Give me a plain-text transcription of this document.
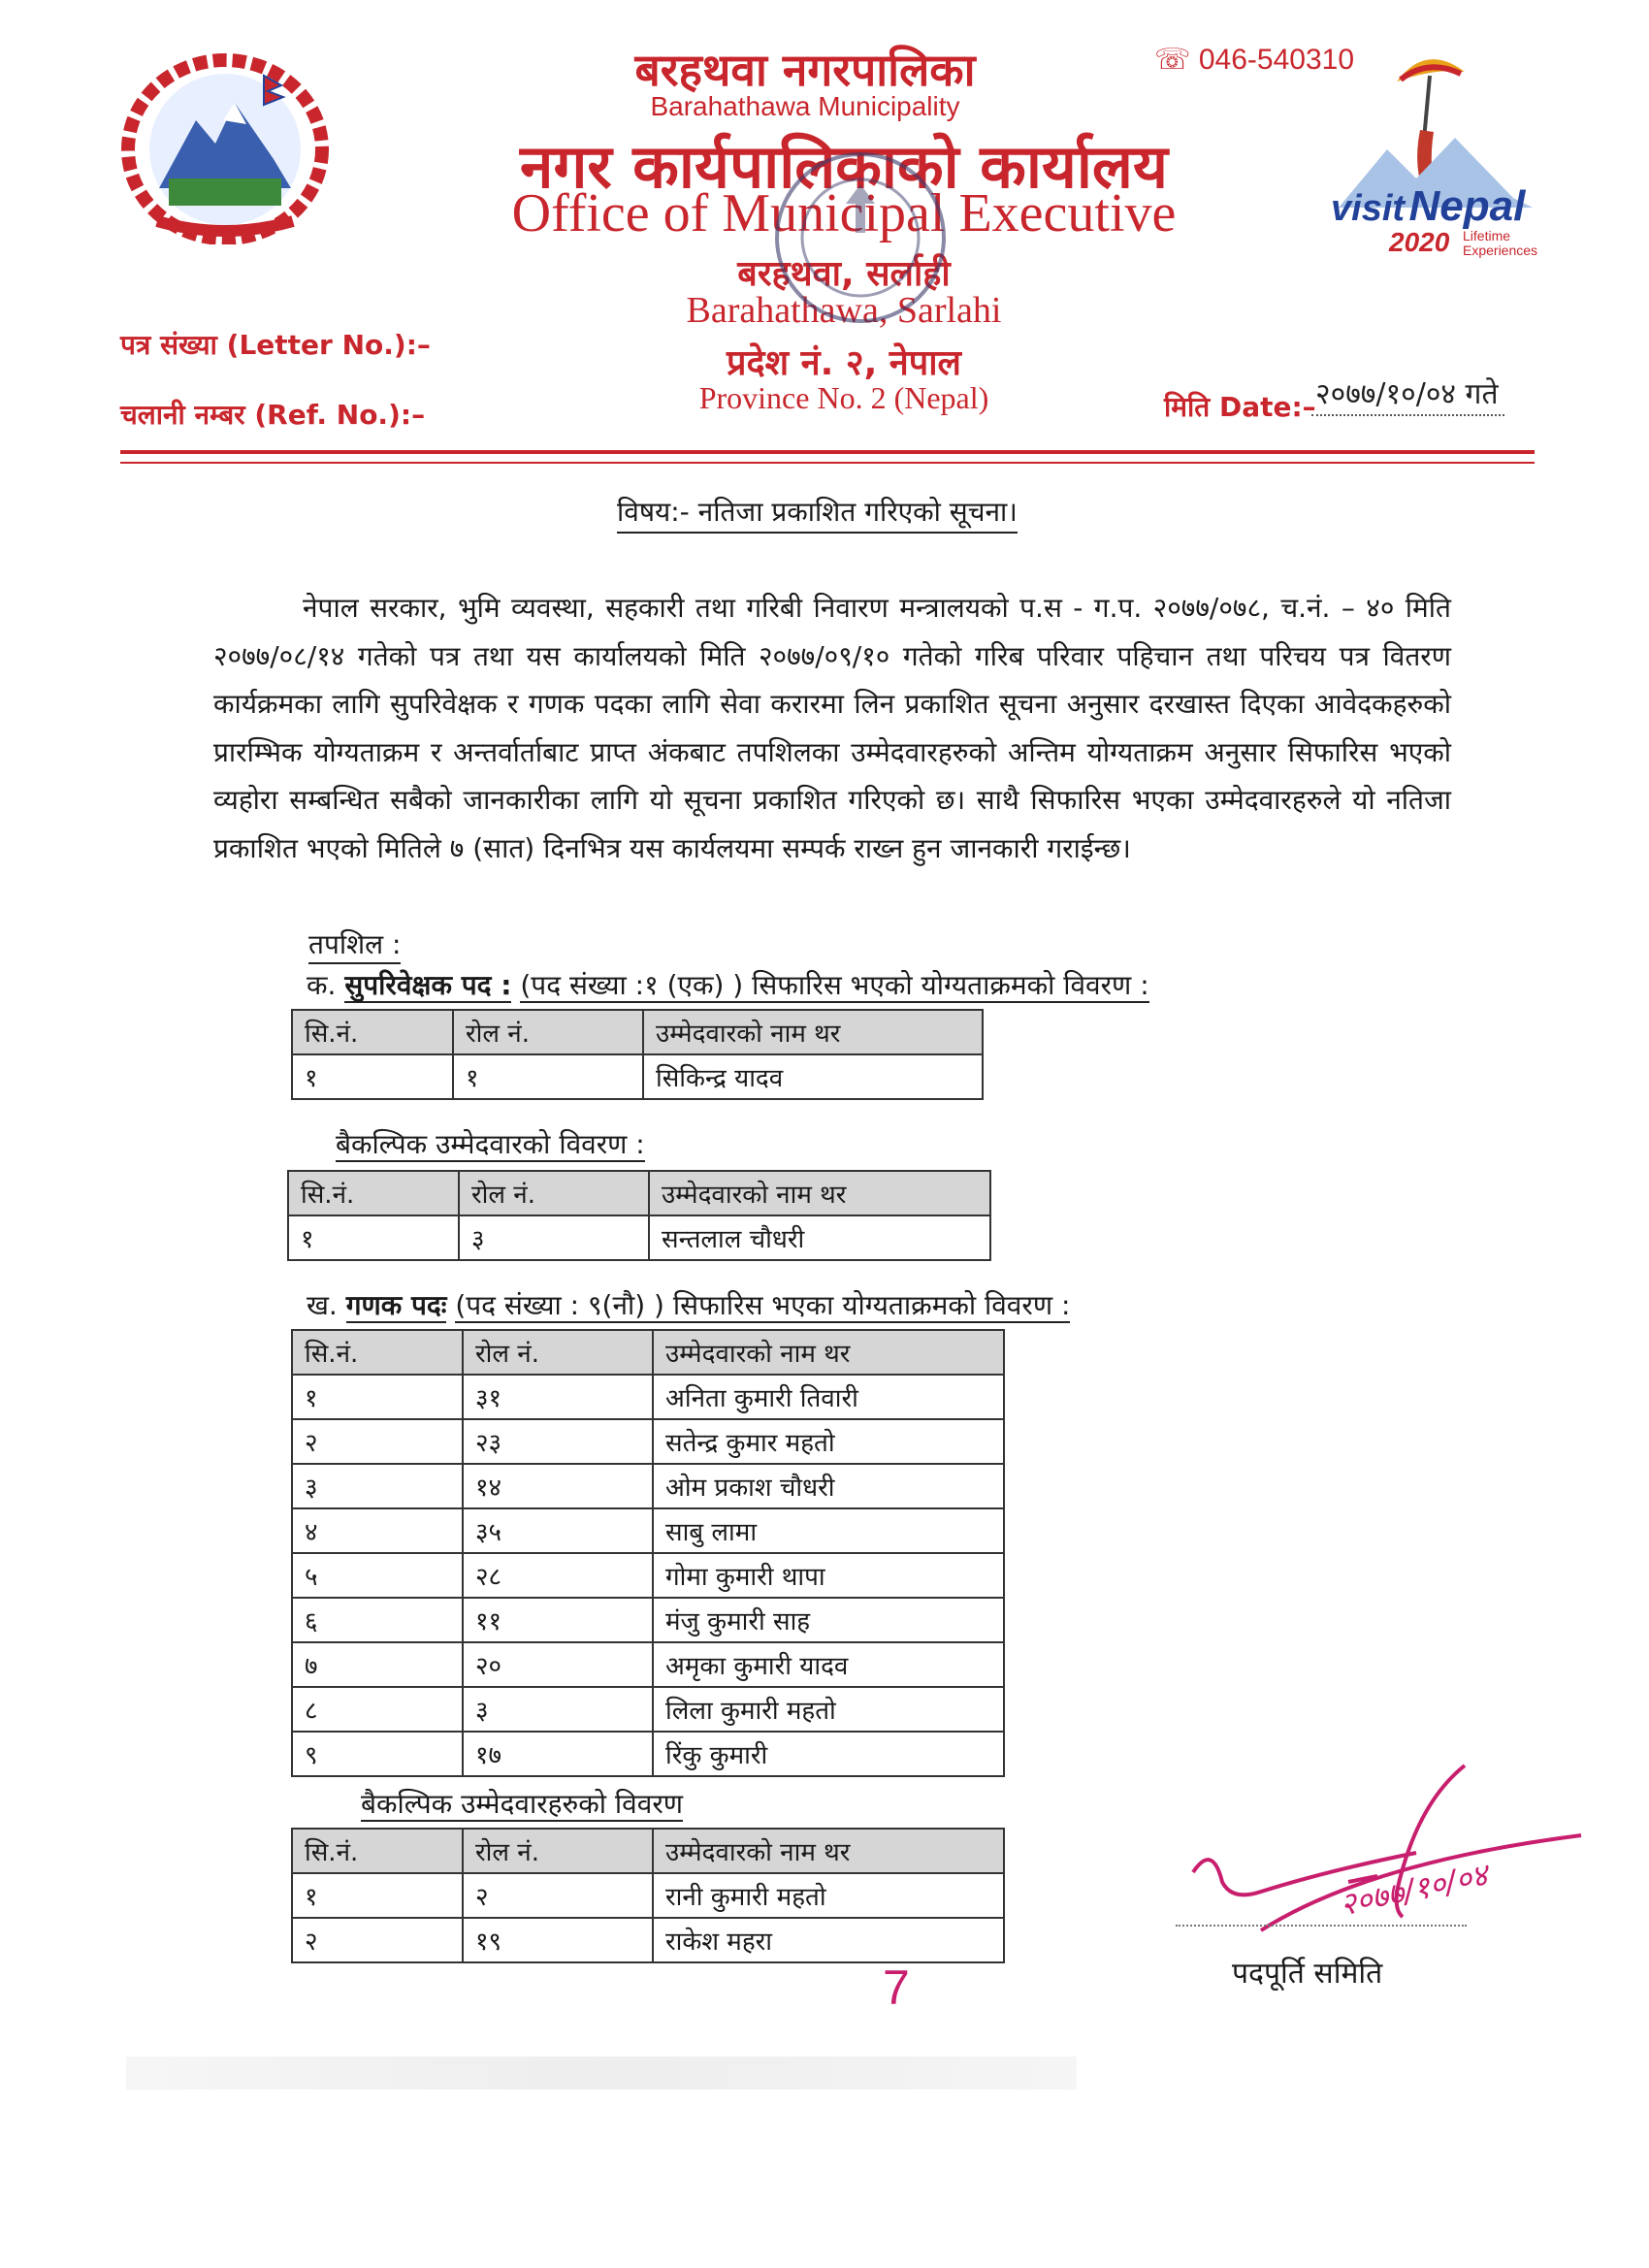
बरहथवा नगरपालिका
Barahathawa Municipality
नगर कार्यपालिकाको कार्यालय
Office of Municipal Executive
बरहथवा, सर्लाही
Barahathawa, Sarlahi
प्रदेश नं. २, नेपाल
Province No. 2 (Nepal)
☏ 046-540310
visit Nepal
2020 Lifetime
Experiences
पत्र संख्या (Letter No.):–
चलानी नम्बर (Ref. No.):–	मिति Date:– २०७७/१०/०४ गते
विषय:- नतिजा प्रकाशित गरिएको सूचना।
नेपाल सरकार, भुमि व्यवस्था, सहकारी तथा गरिबी निवारण मन्त्रालयको प.स - ग.प. २०७७/०७८, च.नं. – ४० मिति २०७७/०८/१४ गतेको पत्र तथा यस कार्यालयको मिति २०७७/०९/१० गतेको गरिब परिवार पहिचान तथा परिचय पत्र वितरण कार्यक्रमका लागि सुपरिवेक्षक र गणक पदका लागि सेवा करारमा लिन प्रकाशित सूचना अनुसार दरखास्त दिएका आवेदकहरुको प्रारम्भिक योग्यताक्रम र अन्तर्वार्ताबाट प्राप्त अंकबाट तपशिलका उम्मेदवारहरुको अन्तिम योग्यताक्रम अनुसार सिफारिस भएको व्यहोरा सम्बन्धित सबैको जानकारीका लागि यो सूचना प्रकाशित गरिएको छ। साथै सिफारिस भएका उम्मेदवारहरुले यो नतिजा प्रकाशित भएको मितिले ७ (सात) दिनभित्र यस कार्यलयमा सम्पर्क राख्न हुन जानकारी गराईन्छ।
तपशिल :
क. सुपरिवेक्षक पद : (पद संख्या :१ (एक) ) सिफारिस भएको योग्यताक्रमको विवरण :
सि.नं.	रोल नं.	उम्मेदवारको नाम थर
१	१	सिकिन्द्र यादव
बैकल्पिक उम्मेदवारको विवरण :
सि.नं.	रोल नं.	उम्मेदवारको नाम थर
१	३	सन्तलाल चौधरी
ख. गणक पदः (पद संख्या : ९(नौ) ) सिफारिस भएका योग्यताक्रमको विवरण :
सि.नं.	रोल नं.	उम्मेदवारको नाम थर
१	३१	अनिता कुमारी तिवारी
२	२३	सतेन्द्र कुमार महतो
३	१४	ओम प्रकाश चौधरी
४	३५	साबु लामा
५	२८	गोमा कुमारी थापा
६	११	मंजु कुमारी साह
७	२०	अमृका कुमारी यादव
८	३	लिला कुमारी महतो
९	१७	रिंकु कुमारी
बैकल्पिक उम्मेदवारहरुको विवरण
सि.नं.	रोल नं.	उम्मेदवारको नाम थर
१	२	रानी कुमारी महतो
२	१९	राकेश महरा
२०७७/१०/०४
पदपूर्ति समिति
7
